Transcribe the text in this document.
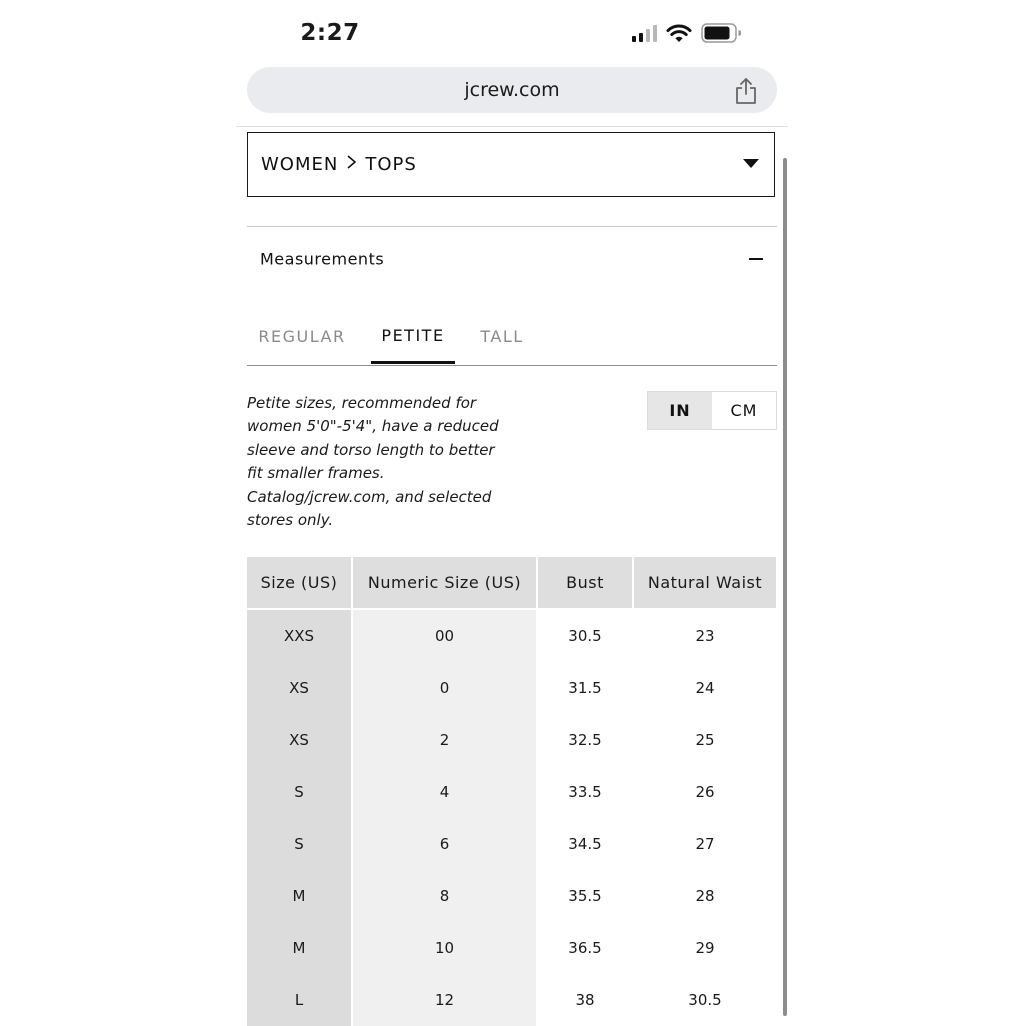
2:27
jcrew.com
WOMEN TOPS
Measurements
REGULAR	PETITE	TALL

Petite sizes, recommended for women 5'0"-5'4", have a reduced sleeve and torso length to better fit smaller frames. Catalog/jcrew.com, and selected stores only.

IN	CM
Size (US)	Numeric Size (US)	Bust	Natural Waist
XXS	00	30.5	23
XS	0	31.5	24
XS	2	32.5	25
S	4	33.5	26
S	6	34.5	27
M	8	35.5	28
M	10	36.5	29
L	12	38	30.5
